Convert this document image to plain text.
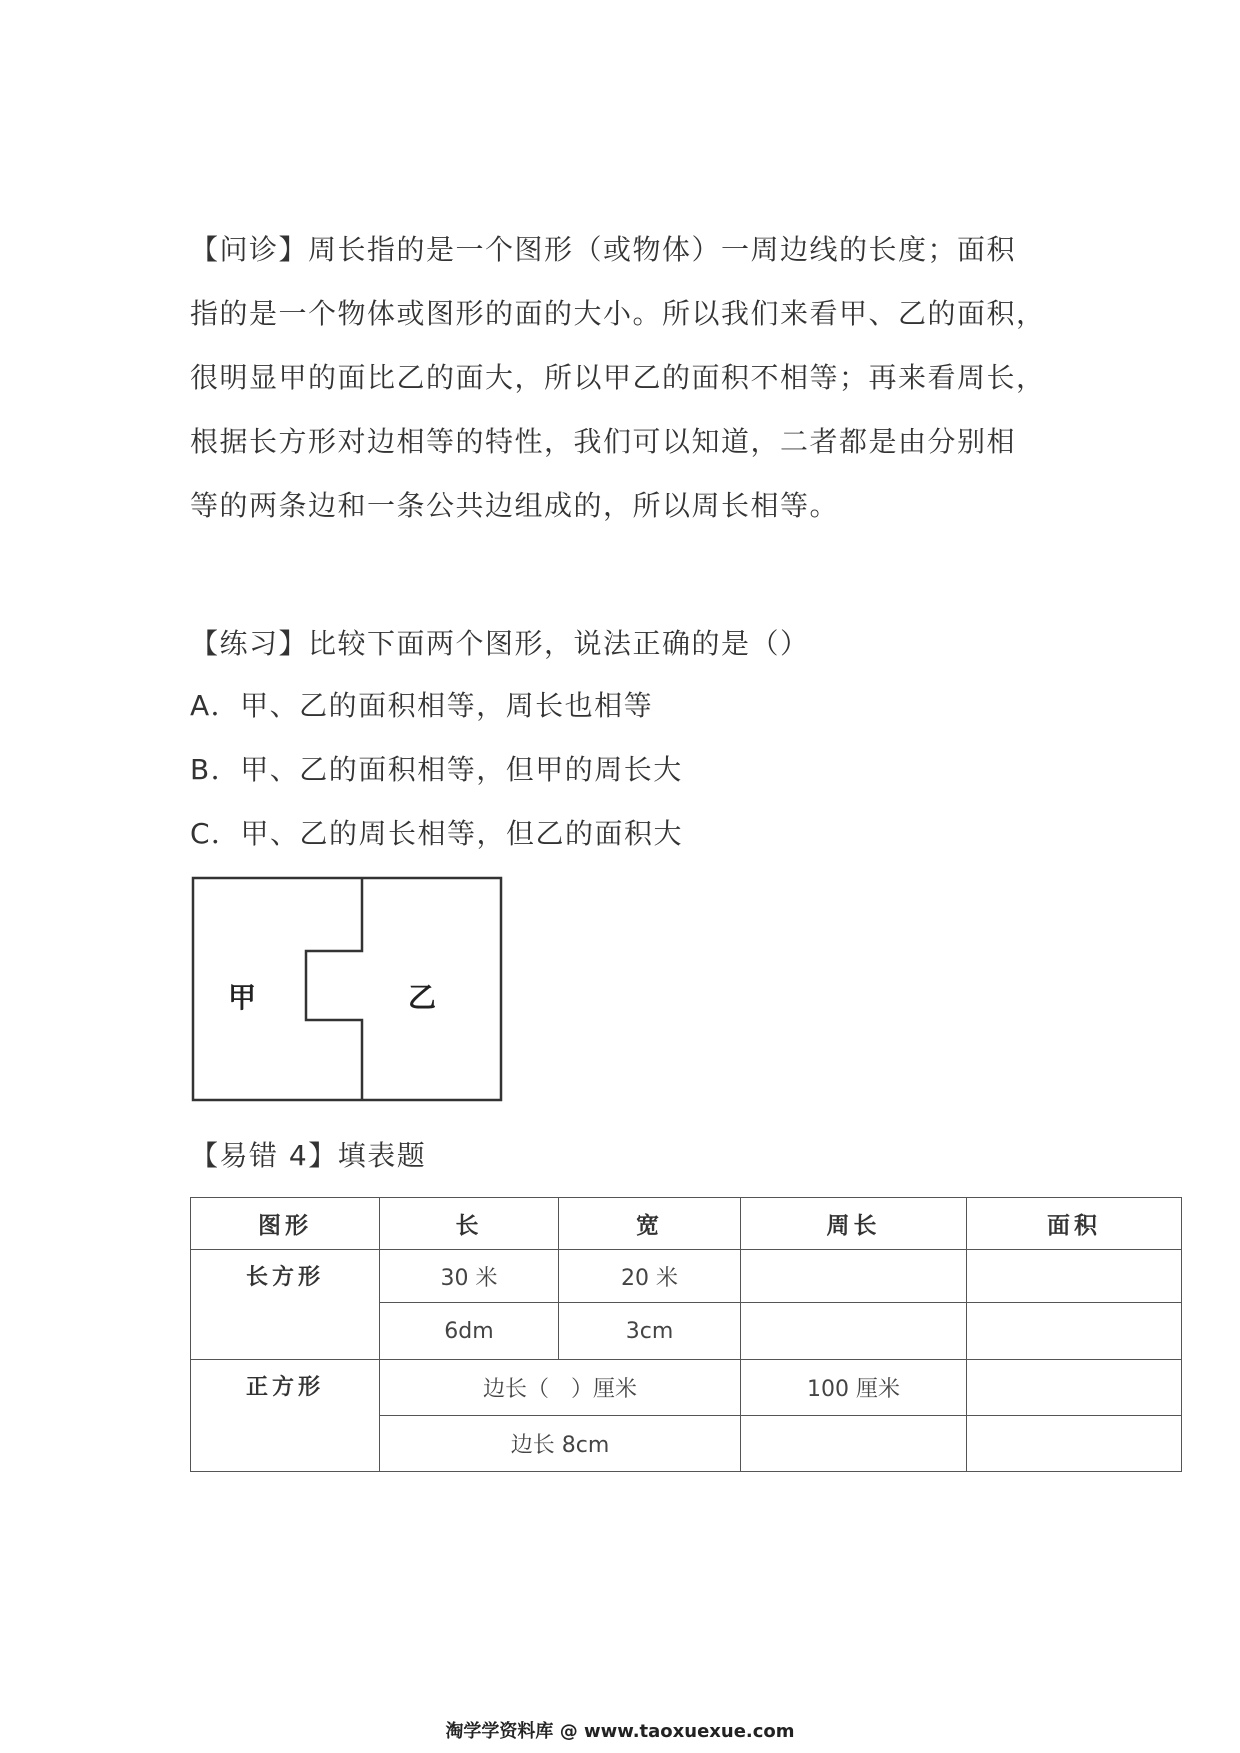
【问诊】周长指的是一个图形（或物体）一周边线的长度；面积
指的是一个物体或图形的面的大小。所以我们来看甲、乙的面积，
很明显甲的面比乙的面大，所以甲乙的面积不相等；再来看周长，
根据长方形对边相等的特性，我们可以知道，二者都是由分别相
等的两条边和一条公共边组成的，所以周长相等。
【练习】比较下面两个图形，说法正确的是（）
A．甲、乙的面积相等，周长也相等
B．甲、乙的面积相等，但甲的周长大
C．甲、乙的周长相等，但乙的面积大
甲	乙
【易错 4】填表题
图形	长	宽	周长	面积
长方形	30 米	20 米		
	6dm	3cm		
正方形	边长（　）厘米		100 厘米	
	边长 8cm			
淘学学资料库 @ www.taoxuexue.com
